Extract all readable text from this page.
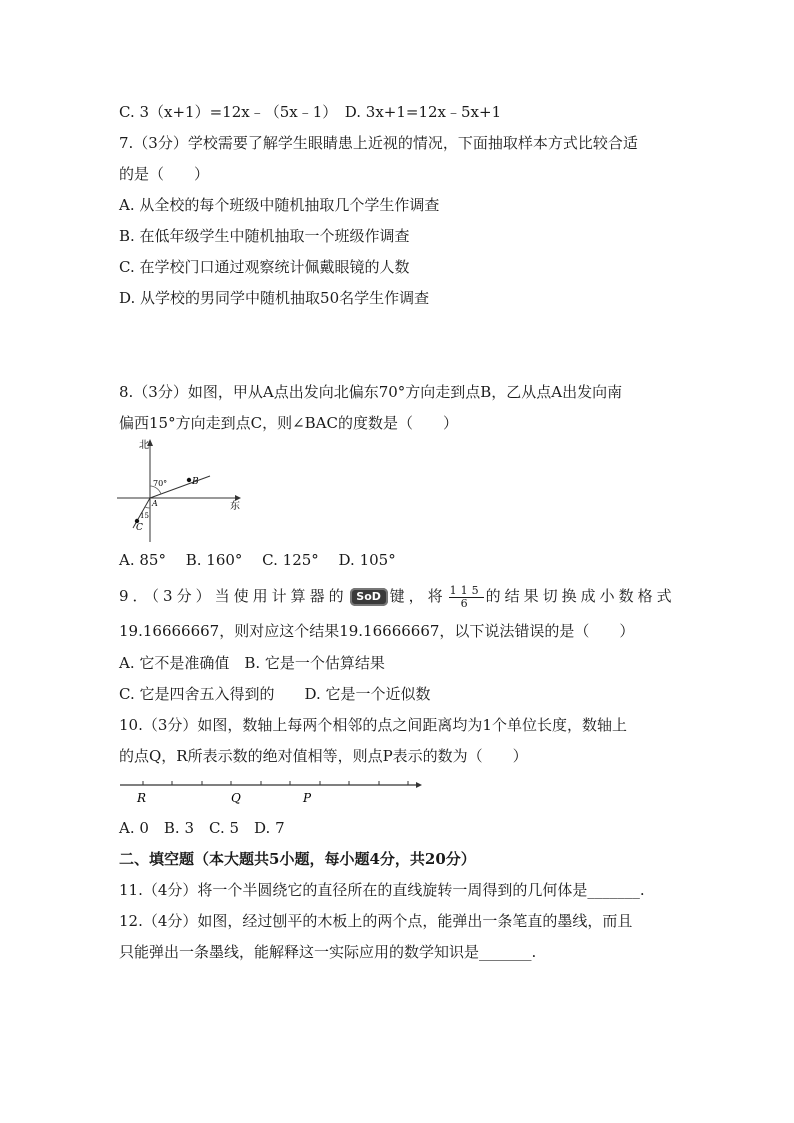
C. 3（x+1）=12x﹣（5x﹣1）　D. 3x+1=12x﹣5x+1
7.（3分）学校需要了解学生眼睛患上近视的情况，下面抽取样本方式比较合适
的是（　　）
A. 从全校的每个班级中随机抽取几个学生作调查
B. 在低年级学生中随机抽取一个班级作调查
C. 在学校门口通过观察统计佩戴眼镜的人数
D. 从学校的男同学中随机抽取50名学生作调查
8.（3分）如图，甲从A点出发向北偏东70°方向走到点B，乙从点A出发向南
偏西15°方向走到点C，则∠BAC的度数是（　　）
北
东
70°
15
A
B
C
A. 85°　 B. 160°　 C. 125°　 D. 105°
9．（3分）当使用计算器的 SoD 键，将 $\frac{115}{6}$ 的结果切换成小数格式
19.16666667，则对应这个结果19.16666667，以下说法错误的是（　　）
A. 它不是准确值　B. 它是一个估算结果
C. 它是四舍五入得到的　　D. 它是一个近似数
10.（3分）如图，数轴上每两个相邻的点之间距离均为1个单位长度，数轴上
的点Q，R所表示数的绝对值相等，则点P表示的数为（　　）
R	Q	P
A. 0　B. 3　C. 5　D. 7
二、填空题（本大题共5小题，每小题4分，共20分）
11.（4分）将一个半圆绕它的直径所在的直线旋转一周得到的几何体是_______.
12.（4分）如图，经过刨平的木板上的两个点，能弹出一条笔直的墨线，而且
只能弹出一条墨线，能解释这一实际应用的数学知识是_______.
